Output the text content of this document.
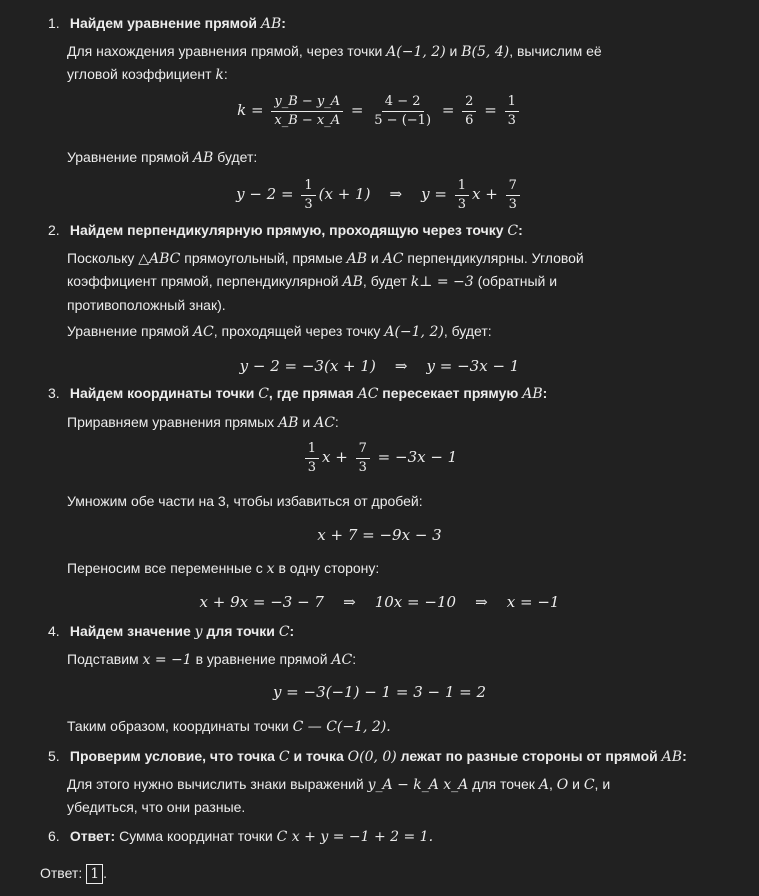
1. Найдем уравнение прямой AB:
Для нахождения уравнения прямой, через точки A(−1, 2) и B(5, 4), вычислим её угловой коэффициент k:
$k = \frac{y\_B - y\_A}{x\_B - x\_A} = \frac{4 - 2}{5 - (-1)} = \frac{2}{6} = \frac{1}{3}$
Уравнение прямой AB будет:
$y - 2 = \frac{1}{3} (x + 1)$ ⇒ $y = \frac{1}{3}$ $x + \frac{7}{3}$
2. Найдем перпендикулярную прямую, проходящую через точку C:
Поскольку △ABC прямоугольный, прямые AB и AC перпендикулярны. Угловой коэффициент прямой, перпендикулярной AB, будет k⊥ = −3 (обратный и противоположный знак).
Уравнение прямой AC, проходящей через точку A(−1, 2), будет:
y − 2 = −3(x + 1) ⇒ y = −3x − 1
3. Найдем координаты точки C, где прямая AC пересекает прямую AB:
Приравняем уравнения прямых AB и AC:
$\frac{1}{3}$ $x + \frac{7}{3} = -3x - 1$
Умножим обе части на 3, чтобы избавиться от дробей:
x + 7 = −9x − 3
Переносим все переменные с x в одну сторону:
x + 9x = −3 − 7 ⇒ 10x = −10 ⇒ x = −1
4. Найдем значение y для точки C:
Подставим x = −1 в уравнение прямой AC:
y = −3(−1) − 1 = 3 − 1 = 2
Таким образом, координаты точки C — C(−1, 2).
5. Проверим условие, что точка C и точка O(0, 0) лежат по разные стороны от прямой AB:
Для этого нужно вычислить знаки выражений y_A − k_A x_A для точек A, O и C, и убедиться, что они разные.
6. Ответ: Сумма координат точки C x + y = −1 + 2 = 1.
Ответ: 1 .
